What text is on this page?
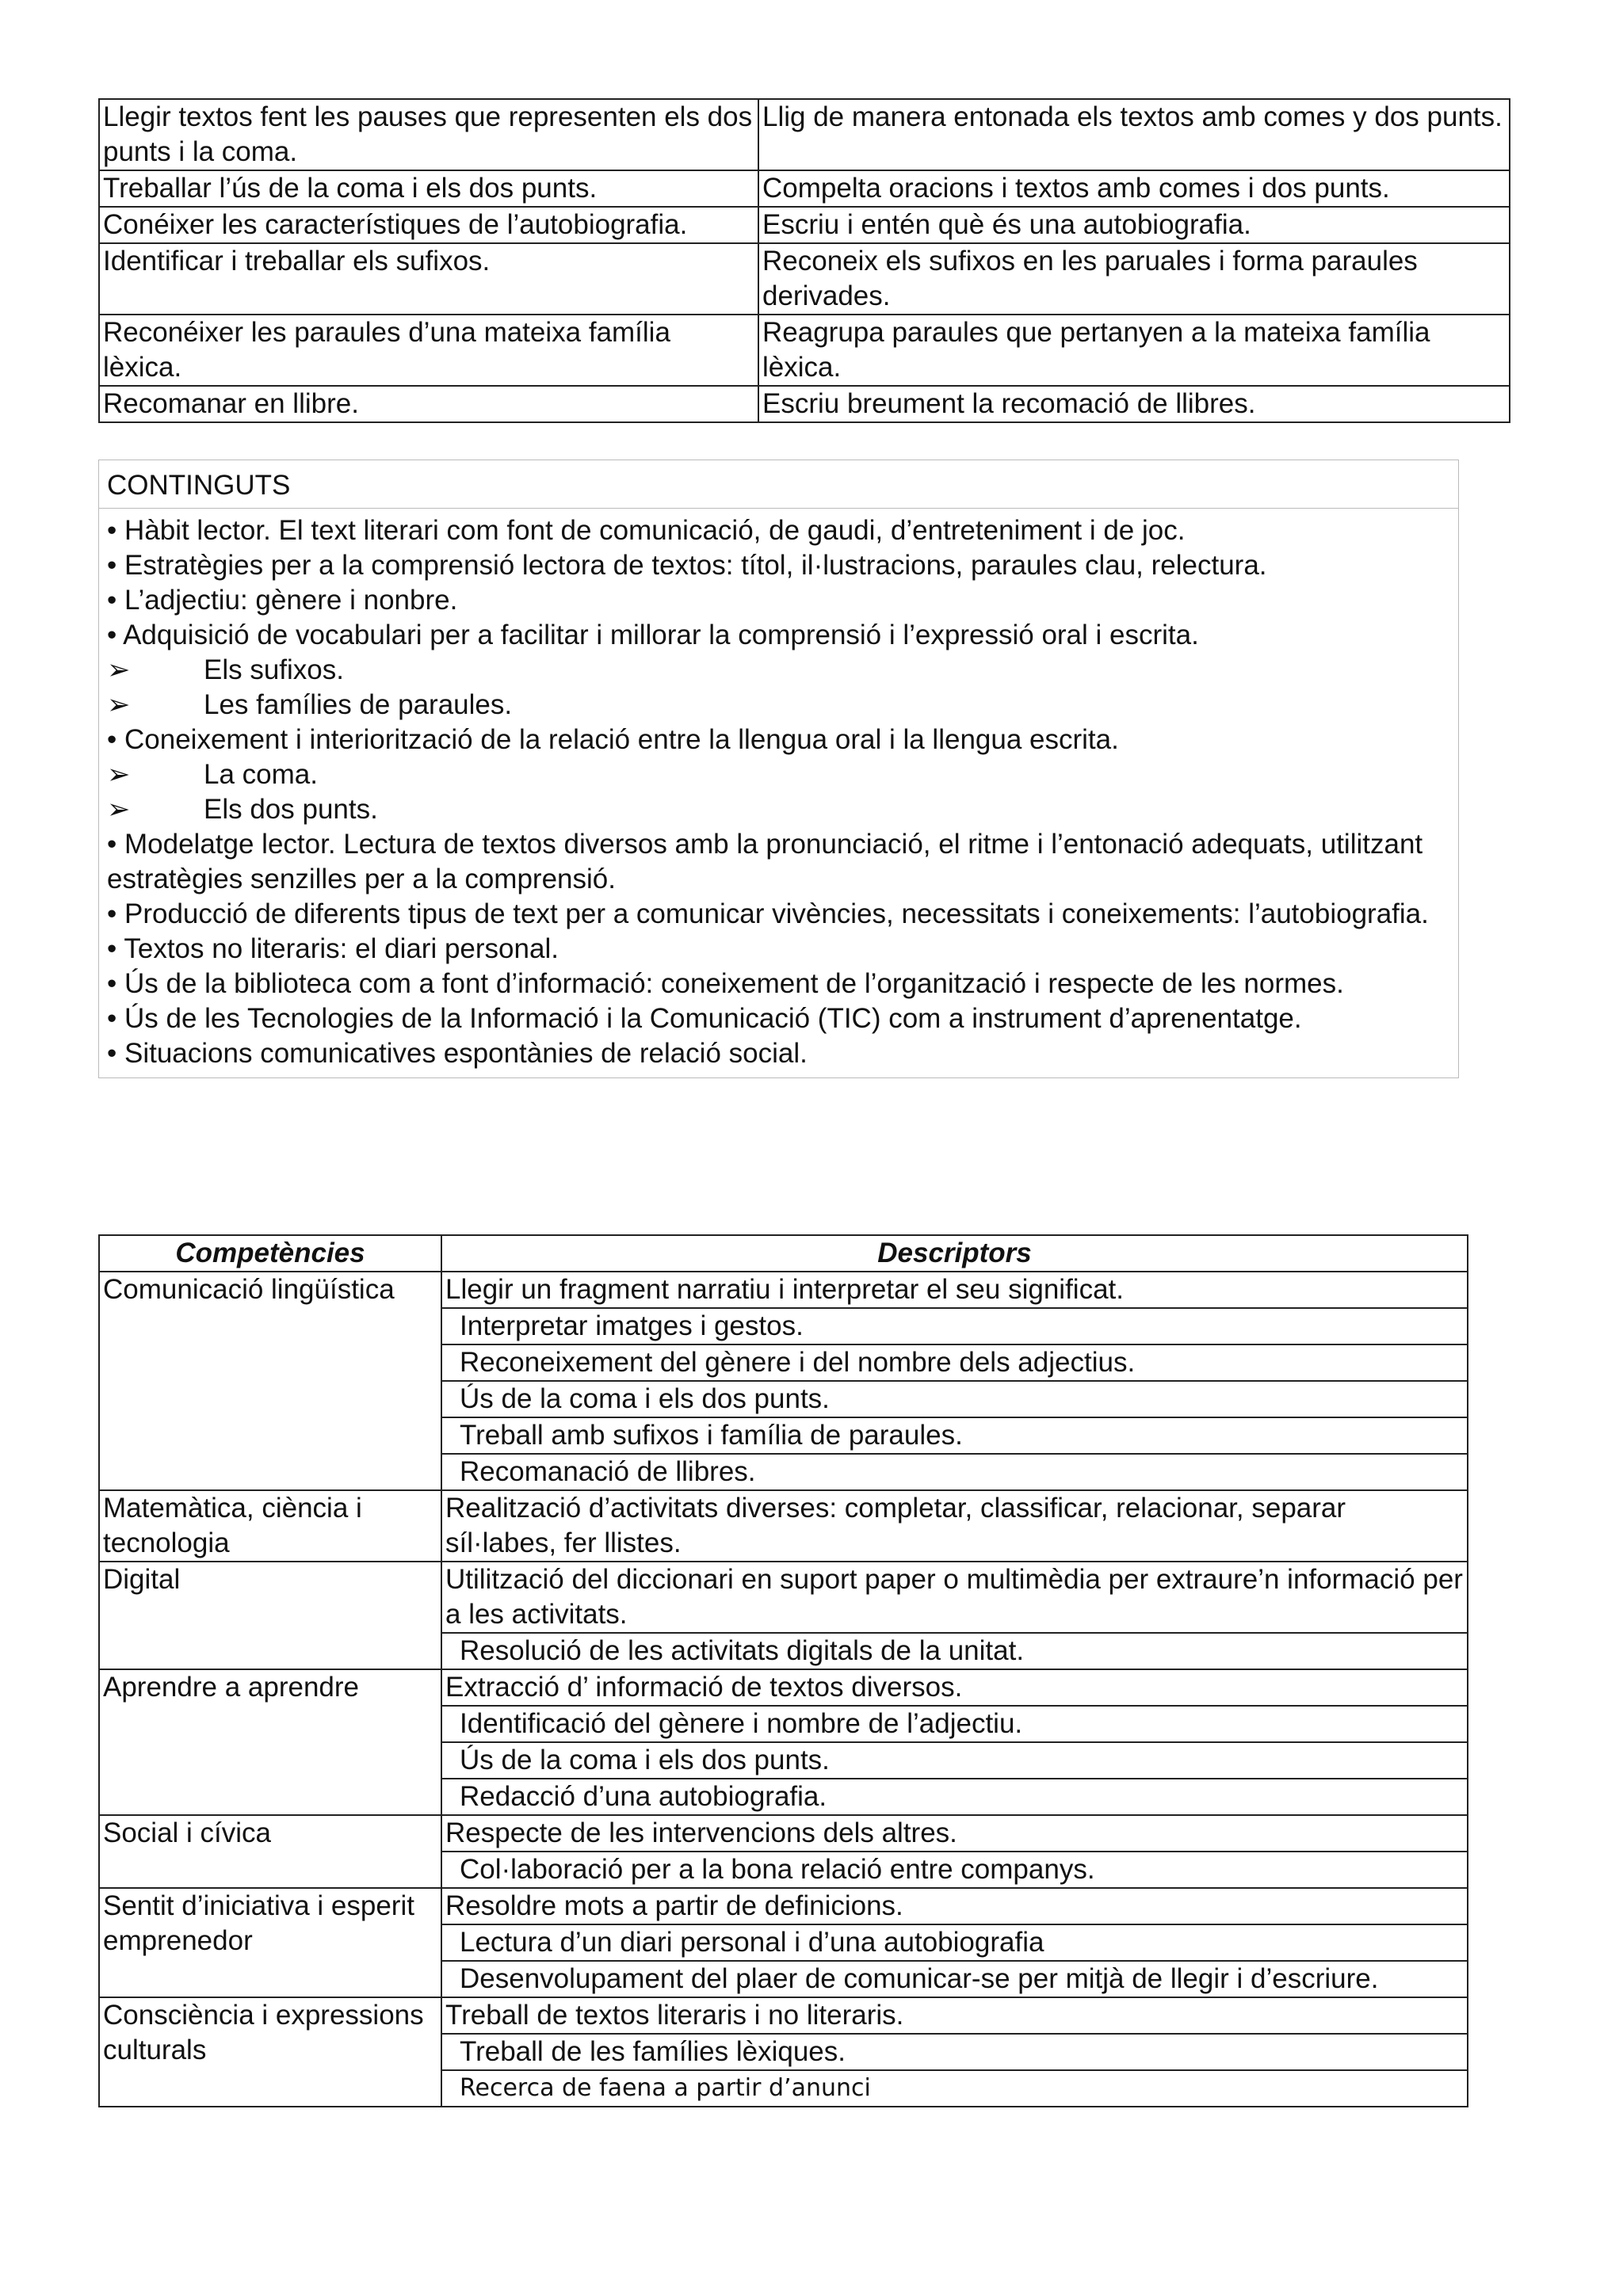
Llegir textos fent les pauses que representen els dos punts i la coma.	Llig de manera entonada els textos amb comes y dos punts.
Treballar l’ús de la coma i els dos punts.	Compelta oracions i textos amb comes i dos punts.
Conéixer les característiques de l’autobiografia.	Escriu i entén què és una autobiografia.
Identificar i treballar els sufixos.	Reconeix els sufixos en les paruales i forma paraules derivades.
Reconéixer les paraules d’una mateixa família lèxica.	Reagrupa paraules que pertanyen a la mateixa família lèxica.
Recomanar en llibre.	Escriu breument la recomació de llibres.
CONTINGUTS
• Hàbit lector. El text literari com font de comunicació, de gaudi, d’entreteniment i de joc.
• Estratègies per a la comprensió lectora de textos: títol, il·lustracions, paraules clau, relectura.
• L’adjectiu: gènere i nonbre.
• Adquisició de vocabulari per a facilitar i millorar la comprensió i l’expressió oral i escrita.
➢	Els sufixos.
➢	Les famílies de paraules.
• Coneixement i interiorització de la relació entre la llengua oral i la llengua escrita.
➢	La coma.
➢	Els dos punts.
• Modelatge lector. Lectura de textos diversos amb la pronunciació, el ritme i l’entonació adequats, utilitzant estratègies senzilles per a la comprensió.
• Producció de diferents tipus de text per a comunicar vivències, necessitats i coneixements: l’autobiografia.
• Textos no literaris: el diari personal.
• Ús de la biblioteca com a font d’informació: coneixement de l’organització i respecte de les normes.
• Ús de les Tecnologies de la Informació i la Comunicació (TIC) com a instrument d’aprenentatge.
• Situacions comunicatives espontànies de relació social.
Competències	Descriptors
Comunicació lingüística	Llegir un fragment narratiu i interpretar el seu significat.
	Interpretar imatges i gestos.
	Reconeixement del gènere i del nombre dels adjectius.
	Ús de la coma i els dos punts.
	Treball amb sufixos i família de paraules.
	Recomanació de llibres.
Matemàtica, ciència i tecnologia	Realització d’activitats diverses: completar, classificar, relacionar, separar síl·labes, fer llistes.
Digital	Utilització del diccionari en suport paper o multimèdia per extraure’n informació per a les activitats.
	Resolució de les activitats digitals de la unitat.
Aprendre a aprendre	Extracció d’ informació de textos diversos.
	Identificació del gènere i nombre de l’adjectiu.
	Ús de la coma i els dos punts.
	Redacció d’una autobiografia.
Social i cívica	Respecte de les intervencions dels altres.
	Col·laboració per a la bona relació entre companys.
Sentit d’iniciativa i esperit emprenedor	Resoldre mots a partir de definicions.
	Lectura d’un diari personal i d’una autobiografia
	Desenvolupament del plaer de comunicar-se per mitjà de llegir i d’escriure.
Consciència i expressions culturals	Treball de textos literaris i no literaris.
	Treball de les famílies lèxiques.
	Recerca de faena a partir d’anunci
